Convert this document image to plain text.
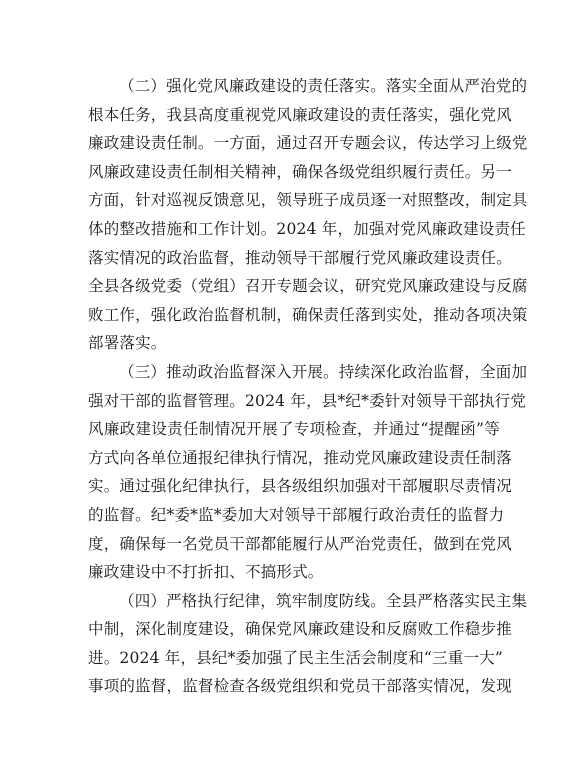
（二）强化党风廉政建设的责任落实。落实全面从严治党的
根本任务，我县高度重视党风廉政建设的责任落实，强化党风
廉政建设责任制。一方面，通过召开专题会议，传达学习上级党
风廉政建设责任制相关精神，确保各级党组织履行责任。另一
方面，针对巡视反馈意见，领导班子成员逐一对照整改，制定具
体的整改措施和工作计划。2024 年，加强对党风廉政建设责任
落实情况的政治监督，推动领导干部履行党风廉政建设责任。
全县各级党委（党组）召开专题会议，研究党风廉政建设与反腐
败工作，强化政治监督机制，确保责任落到实处，推动各项决策
部署落实。
（三）推动政治监督深入开展。持续深化政治监督，全面加
强对干部的监督管理。2024 年，县*纪*委针对领导干部执行党
风廉政建设责任制情况开展了专项检查，并通过“提醒函”等
方式向各单位通报纪律执行情况，推动党风廉政建设责任制落
实。通过强化纪律执行，县各级组织加强对干部履职尽责情况
的监督。纪*委*监*委加大对领导干部履行政治责任的监督力
度，确保每一名党员干部都能履行从严治党责任，做到在党风
廉政建设中不打折扣、不搞形式。
（四）严格执行纪律，筑牢制度防线。全县严格落实民主集
中制，深化制度建设，确保党风廉政建设和反腐败工作稳步推
进。2024 年，县纪*委加强了民主生活会制度和“三重一大”
事项的监督，监督检查各级党组织和党员干部落实情况，发现
